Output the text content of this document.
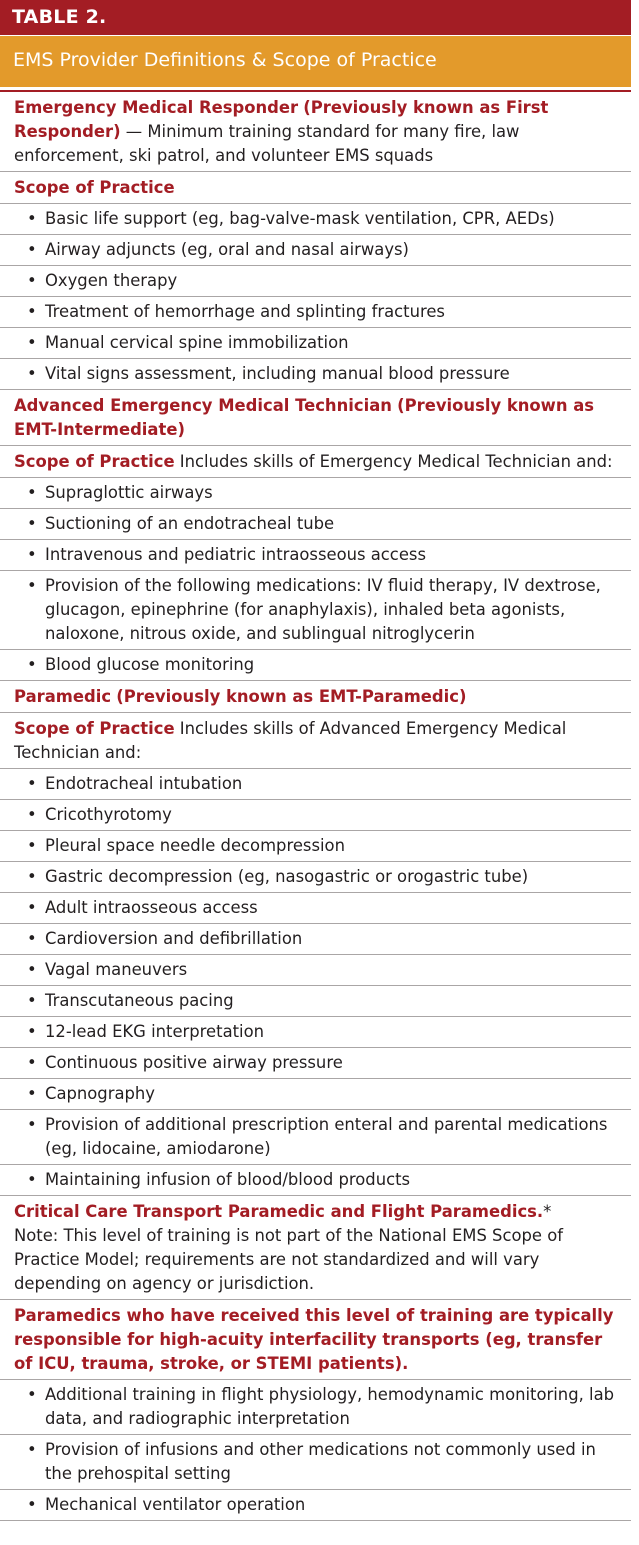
TABLE 2.
EMS Provider Definitions & Scope of Practice
Emergency Medical Responder (Previously known as First Responder) — Minimum training standard for many fire, law enforcement, ski patrol, and volunteer EMS squads
Scope of Practice
• Basic life support (eg, bag-valve-mask ventilation, CPR, AEDs)
• Airway adjuncts (eg, oral and nasal airways)
• Oxygen therapy
• Treatment of hemorrhage and splinting fractures
• Manual cervical spine immobilization
• Vital signs assessment, including manual blood pressure
Advanced Emergency Medical Technician (Previously known as EMT-Intermediate)
Scope of Practice Includes skills of Emergency Medical Technician and:
• Supraglottic airways
• Suctioning of an endotracheal tube
• Intravenous and pediatric intraosseous access
• Provision of the following medications: IV fluid therapy, IV dextrose, glucagon, epinephrine (for anaphylaxis), inhaled beta agonists, naloxone, nitrous oxide, and sublingual nitroglycerin
• Blood glucose monitoring
Paramedic (Previously known as EMT-Paramedic)
Scope of Practice Includes skills of Advanced Emergency Medical Technician and:
• Endotracheal intubation
• Cricothyrotomy
• Pleural space needle decompression
• Gastric decompression (eg, nasogastric or orogastric tube)
• Adult intraosseous access
• Cardioversion and defibrillation
• Vagal maneuvers
• Transcutaneous pacing
• 12-lead EKG interpretation
• Continuous positive airway pressure
• Capnography
• Provision of additional prescription enteral and parental medications (eg, lidocaine, amiodarone)
• Maintaining infusion of blood/blood products
Critical Care Transport Paramedic and Flight Paramedics.*
Note: This level of training is not part of the National EMS Scope of Practice Model; requirements are not standardized and will vary depending on agency or jurisdiction.
Paramedics who have received this level of training are typically responsible for high-acuity interfacility transports (eg, transfer of ICU, trauma, stroke, or STEMI patients).
• Additional training in flight physiology, hemodynamic monitoring, lab data, and radiographic interpretation
• Provision of infusions and other medications not commonly used in the prehospital setting
• Mechanical ventilator operation
